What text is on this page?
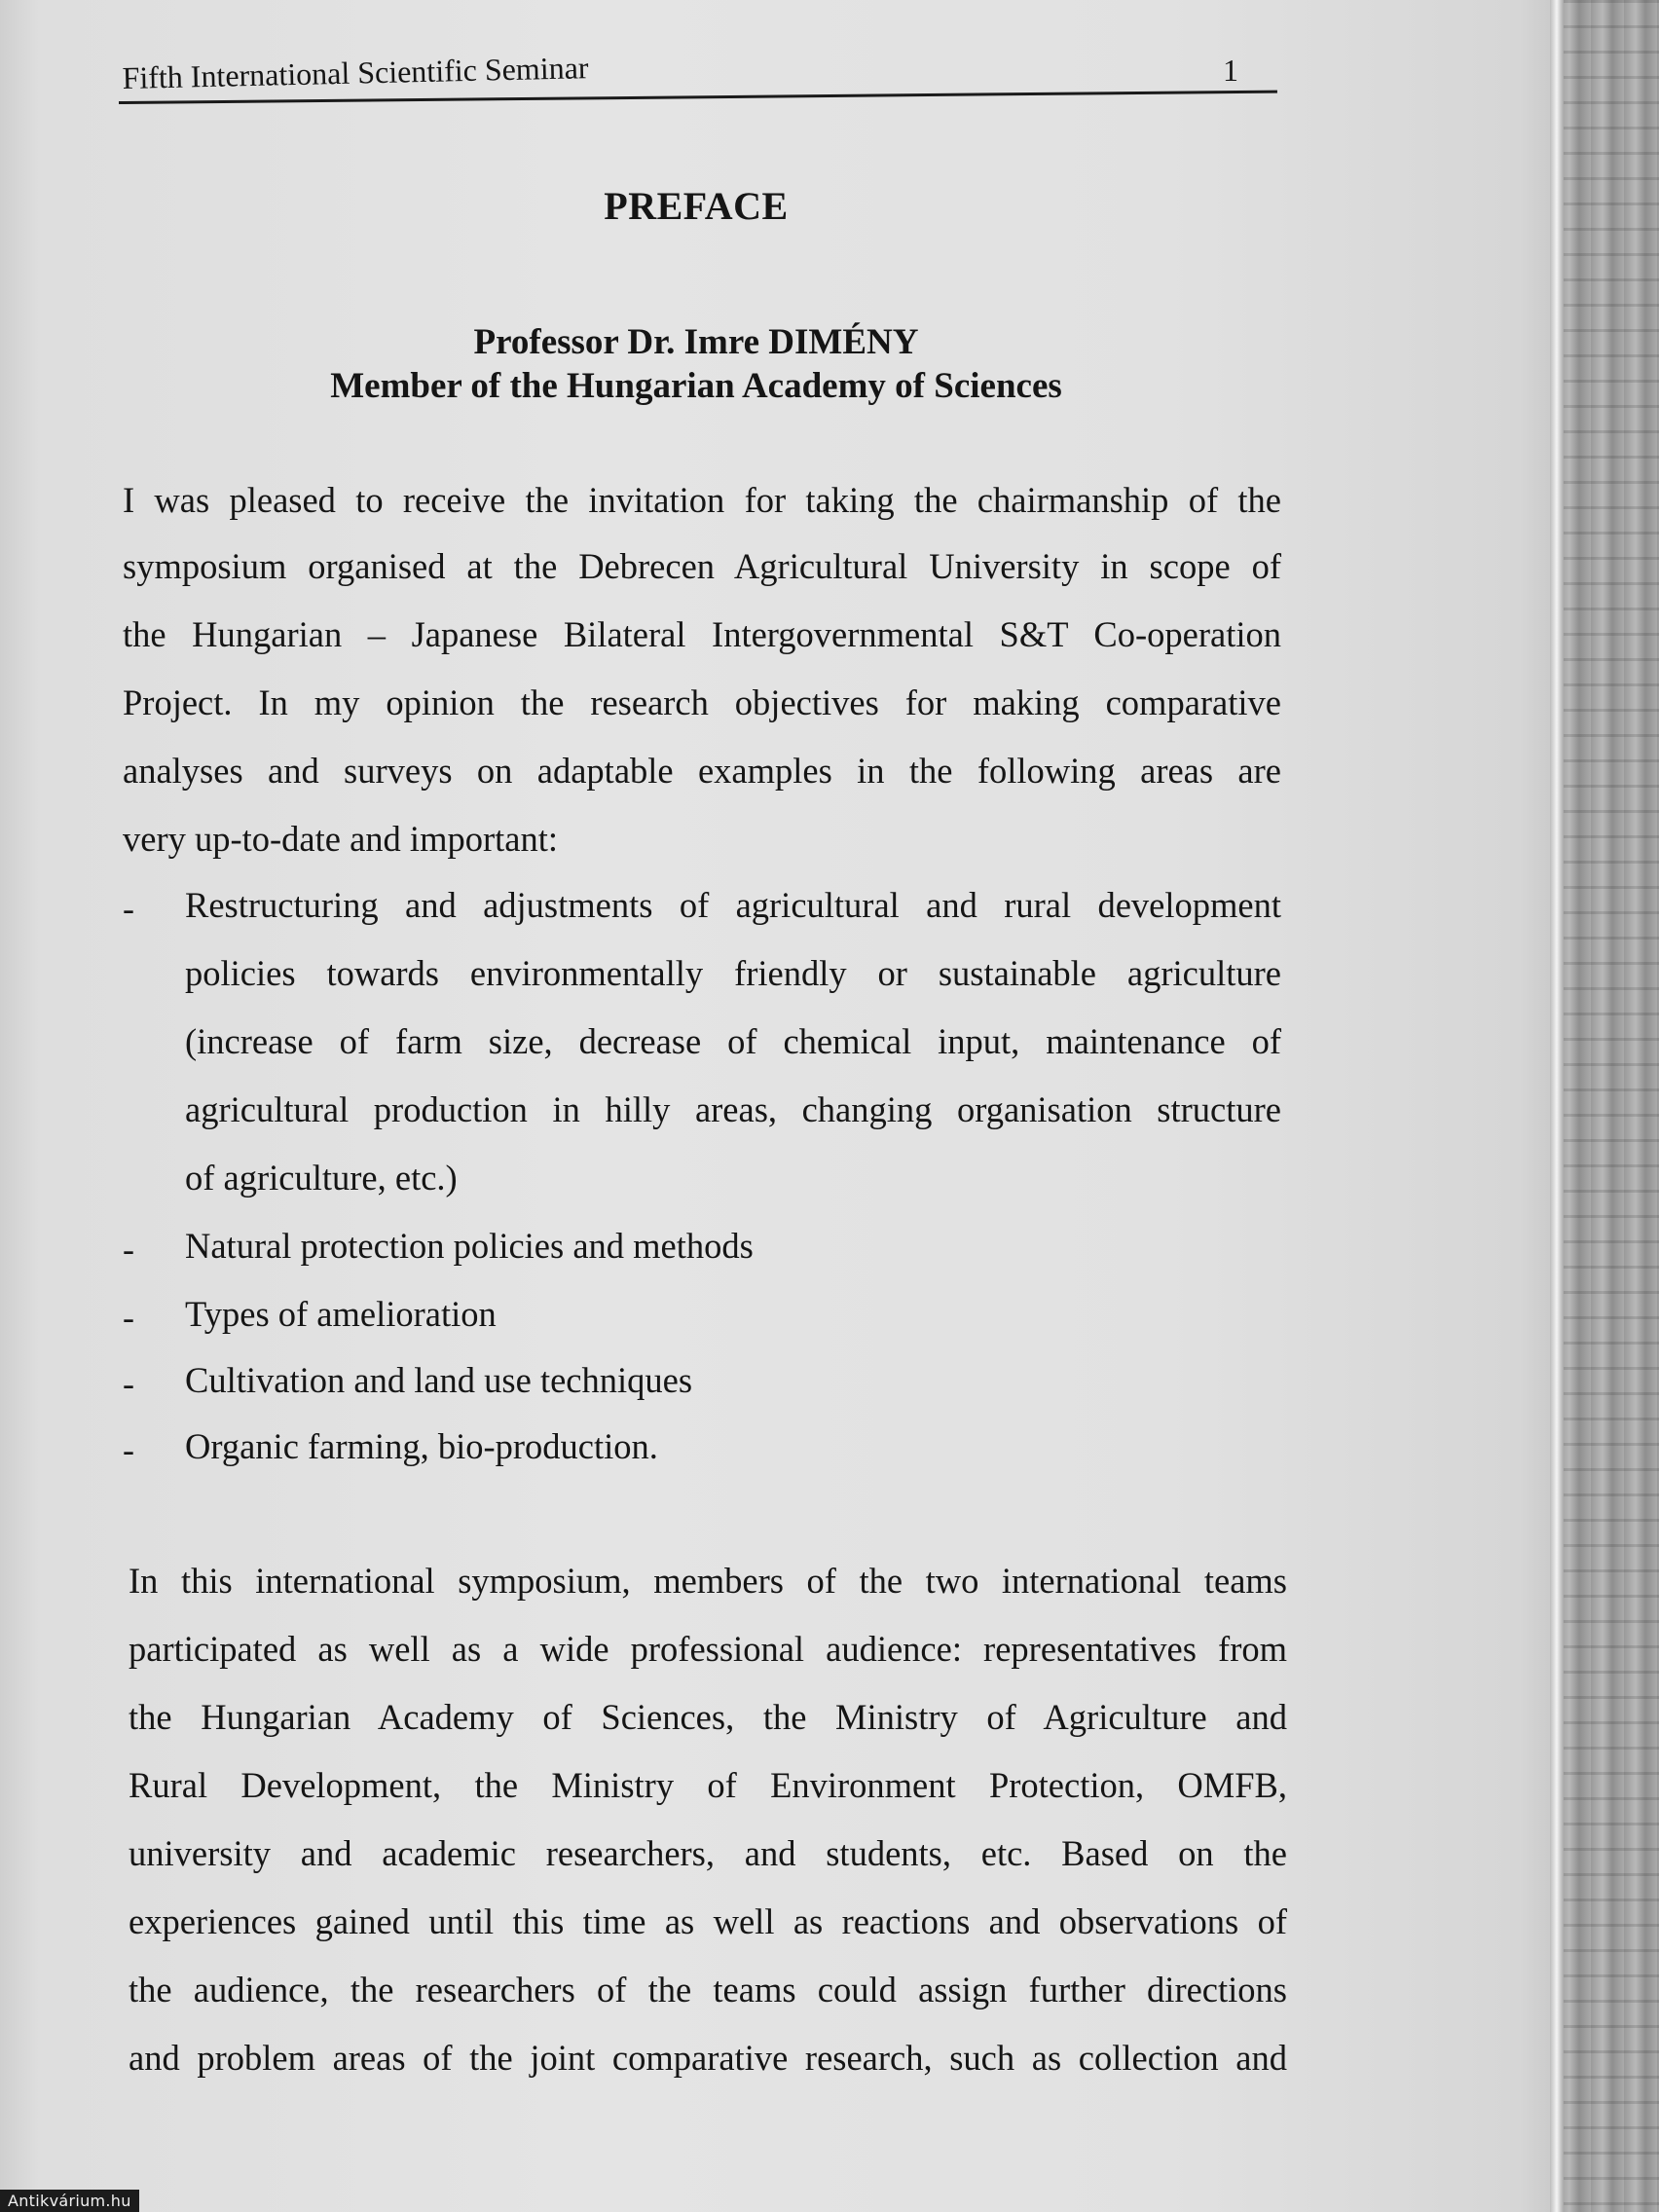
Fifth International Scientific Seminar	1
PREFACE
Professor Dr. Imre DIMÉNY
Member of the Hungarian Academy of Sciences
I was pleased to receive the invitation for taking the chairmanship of the
symposium organised at the Debrecen Agricultural University in scope of
the Hungarian – Japanese Bilateral Intergovernmental S&T Co-operation
Project. In my opinion the research objectives for making comparative
analyses and surveys on adaptable examples in the following areas are
very up-to-date and important:
- Restructuring and adjustments of agricultural and rural development
policies towards environmentally friendly or sustainable agriculture
(increase of farm size, decrease of chemical input, maintenance of
agricultural production in hilly areas, changing organisation structure
of agriculture, etc.)
- Natural protection policies and methods
- Types of amelioration
- Cultivation and land use techniques
- Organic farming, bio-production.
In this international symposium, members of the two international teams
participated as well as a wide professional audience: representatives from
the Hungarian Academy of Sciences, the Ministry of Agriculture and
Rural Development, the Ministry of Environment Protection, OMFB,
university and academic researchers, and students, etc. Based on the
experiences gained until this time as well as reactions and observations of
the audience, the researchers of the teams could assign further directions
and problem areas of the joint comparative research, such as collection and
Antikvárium.hu
